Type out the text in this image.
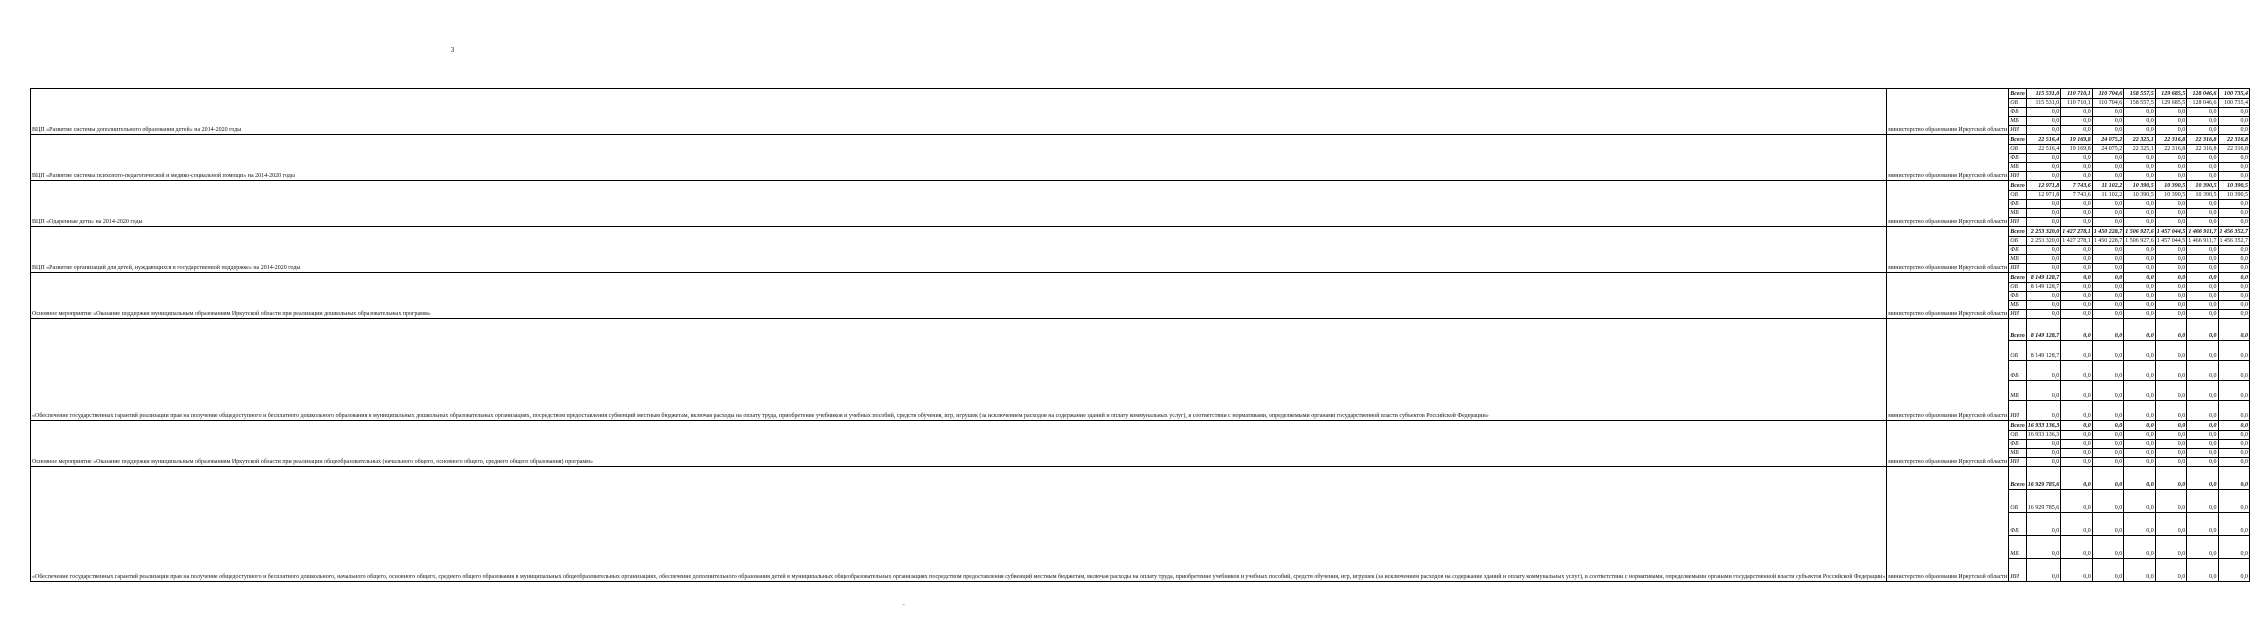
3
ВЦП «Развитие системы дополнительного образования детей» на 2014-2020 годы	министерство образования Иркутской области	Всего	115 531,0	110 710,1	110 704,6	158 557,5	129 685,5	128 046,6	100 735,4
		ОБ	115 531,0	110 710,1	110 704,6	158 557,5	129 685,5	128 046,6	100 735,4
		ФБ	0,0	0,0	0,0	0,0	0,0	0,0	0,0
		МБ	0,0	0,0	0,0	0,0	0,0	0,0	0,0
		ИИ	0,0	0,0	0,0	0,0	0,0	0,0	0,0
ВЦП «Развитие системы психолого-педагогической и медико-социальной помощи» на 2014-2020 годы	министерство образования Иркутской области	Всего	22 516,4	19 169,8	24 075,2	22 325,1	22 316,8	22 316,8	22 316,8
		ОБ	22 516,4	19 169,8	24 075,2	22 325,1	22 316,8	22 316,8	22 316,8
		ФБ	0,0	0,0	0,0	0,0	0,0	0,0	0,0
		МБ	0,0	0,0	0,0	0,0	0,0	0,0	0,0
		ИИ	0,0	0,0	0,0	0,0	0,0	0,0	0,0
ВЦП «Одаренные дети» на 2014-2020 годы	министерство образования Иркутской области	Всего	12 971,8	7 743,6	11 102,2	10 390,5	10 390,5	10 390,5	10 390,5
		ОБ	12 971,8	7 743,6	11 102,2	10 390,5	10 390,5	10 390,5	10 390,5
		ФБ	0,0	0,0	0,0	0,0	0,0	0,0	0,0
		МБ	0,0	0,0	0,0	0,0	0,0	0,0	0,0
		ИИ	0,0	0,0	0,0	0,0	0,0	0,0	0,0
ВЦП «Развитие организаций для детей, нуждающихся в государственной поддержке» на 2014-2020 годы	министерство образования Иркутской области	Всего	2 253 320,0	1 427 278,1	1 450 228,7	1 506 927,6	1 457 044,5	1 466 911,7	1 456 352,7
		ОБ	2 253 320,0	1 427 278,1	1 450 228,7	1 506 927,6	1 457 044,5	1 466 911,7	1 456 352,7
		ФБ	0,0	0,0	0,0	0,0	0,0	0,0	0,0
		МБ	0,0	0,0	0,0	0,0	0,0	0,0	0,0
		ИИ	0,0	0,0	0,0	0,0	0,0	0,0	0,0
Основное мероприятие «Оказание поддержки муниципальным образованиям Иркутской области при реализации дошкольных образовательных программ»	министерство образования Иркутской области	Всего	8 149 128,7	0,0	0,0	0,0	0,0	0,0	0,0
		ОБ	8 149 128,7	0,0	0,0	0,0	0,0	0,0	0,0
		ФБ	0,0	0,0	0,0	0,0	0,0	0,0	0,0
		МБ	0,0	0,0	0,0	0,0	0,0	0,0	0,0
		ИИ	0,0	0,0	0,0	0,0	0,0	0,0	0,0
«Обеспечение государственных гарантий реализации прав на получение общедоступного и бесплатного дошкольного образования в муниципальных дошкольных образовательных организациях, посредством предоставления субвенций местным бюджетам, включая расходы на оплату труда, приобретение учебников и учебных пособий, средств обучения, игр, игрушек (за исключением расходов на содержание зданий и оплату коммунальных услуг), в соответствии с нормативами, определяемыми органами государственной власти субъектов Российской Федерации»	министерство образования Иркутской области	Всего	8 149 128,7	0,0	0,0	0,0	0,0	0,0	0,0
		ОБ	8 149 128,7	0,0	0,0	0,0	0,0	0,0	0,0
		ФБ	0,0	0,0	0,0	0,0	0,0	0,0	0,0
		МБ	0,0	0,0	0,0	0,0	0,0	0,0	0,0
		ИИ	0,0	0,0	0,0	0,0	0,0	0,0	0,0
Основное мероприятие «Оказание поддержки муниципальным образованиям Иркутской области при реализации общеобразовательных (начального общего, основного общего, среднего общего образования) программ»	министерство образования Иркутской области	Всего	16 933 136,3	0,0	0,0	0,0	0,0	0,0	0,0
		ОБ	16 933 136,3	0,0	0,0	0,0	0,0	0,0	0,0
		ФБ	0,0	0,0	0,0	0,0	0,0	0,0	0,0
		МБ	0,0	0,0	0,0	0,0	0,0	0,0	0,0
		ИИ	0,0	0,0	0,0	0,0	0,0	0,0	0,0
«Обеспечение государственных гарантий реализации прав на получение общедоступного и бесплатного дошкольного, начального общего, основного общего, среднего общего образования в муниципальных общеобразовательных организациях, обеспечение дополнительного образования детей в муниципальных общеобразовательных организациях посредством предоставления субвенций местным бюджетам, включая расходы на оплату труда, приобретение учебников и учебных пособий, средств обучения, игр, игрушек (за исключением расходов на содержание зданий и оплату коммунальных услуг), в соответствии с нормативами, определяемыми органами государственной власти субъектов Российской Федерации»	министерство образования Иркутской области	Всего	16 929 785,6	0,0	0,0	0,0	0,0	0,0	0,0
		ОБ	16 929 785,6	0,0	0,0	0,0	0,0	0,0	0,0
		ФБ	0,0	0,0	0,0	0,0	0,0	0,0	0,0
		МБ	0,0	0,0	0,0	0,0	0,0	0,0	0,0
		ИИ	0,0	0,0	0,0	0,0	0,0	0,0	0,0
-
